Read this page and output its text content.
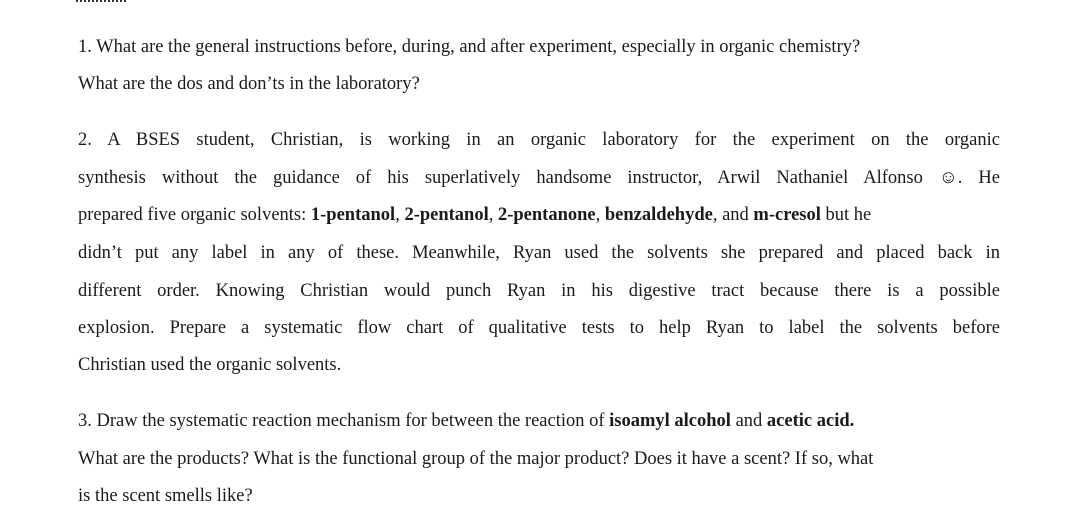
1. What are the general instructions before, during, and after experiment, especially in organic chemistry?
What are the dos and don’ts in the laboratory?
2. A BSES student, Christian, is working in an organic laboratory for the experiment on the organic
synthesis without the guidance of his superlatively handsome instructor, Arwil Nathaniel Alfonso ☺. He
prepared five organic solvents: 1-pentanol, 2-pentanol, 2-pentanone, benzaldehyde, and m-cresol but he
didn’t put any label in any of these. Meanwhile, Ryan used the solvents she prepared and placed back in
different order. Knowing Christian would punch Ryan in his digestive tract because there is a possible
explosion. Prepare a systematic flow chart of qualitative tests to help Ryan to label the solvents before
Christian used the organic solvents.
3. Draw the systematic reaction mechanism for between the reaction of isoamyl alcohol and acetic acid.
What are the products? What is the functional group of the major product? Does it have a scent? If so, what
is the scent smells like?
